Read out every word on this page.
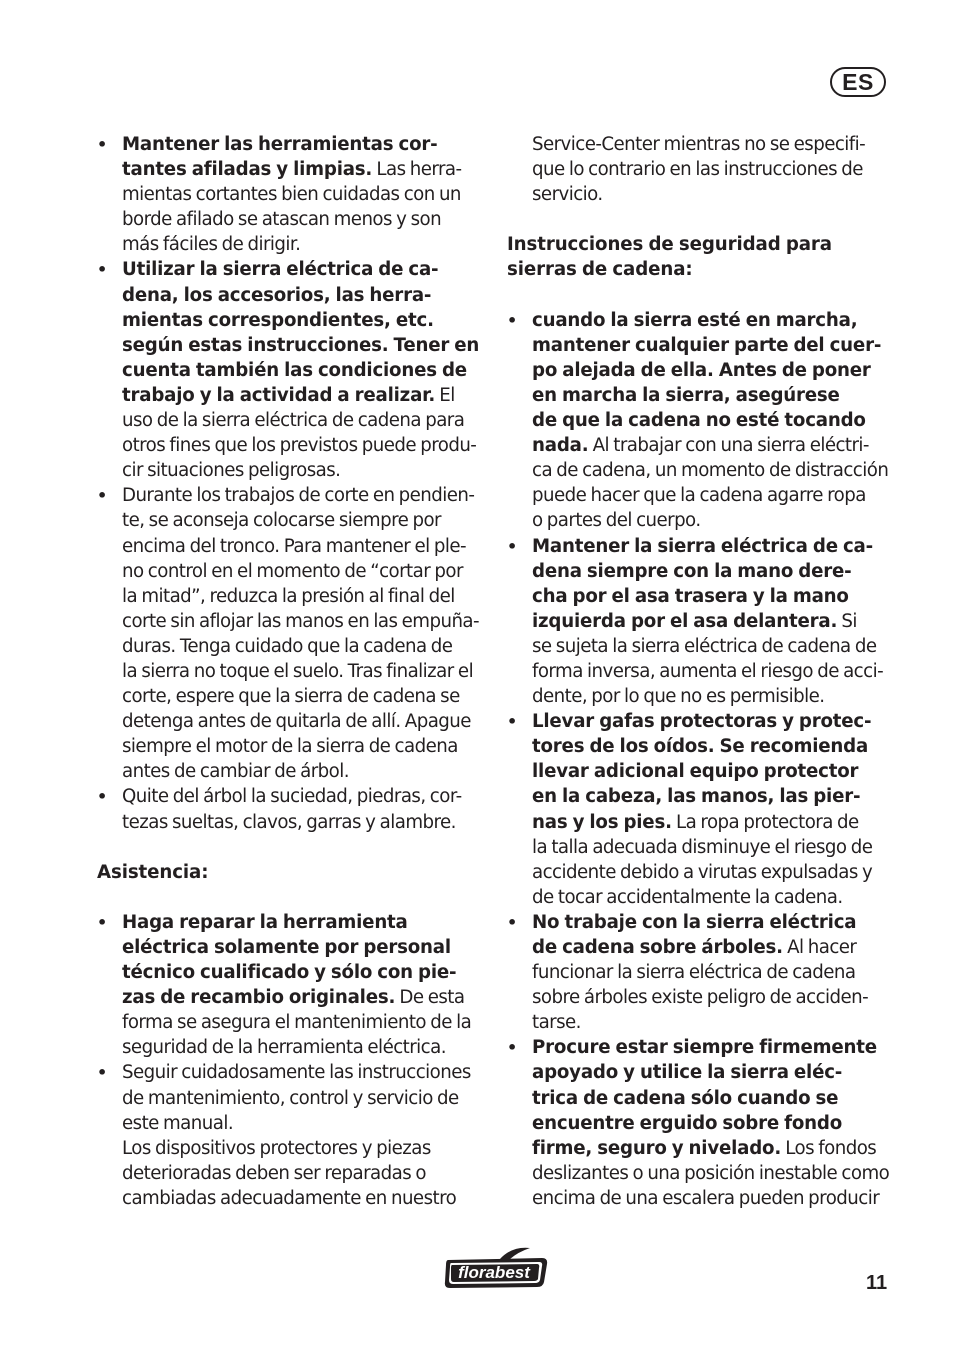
ES
• Mantener las herramientas cor-
tantes afiladas y limpias. Las herra-
mientas cortantes bien cuidadas con un
borde afilado se atascan menos y son
más fáciles de dirigir.
• Utilizar la sierra eléctrica de ca-
dena, los accesorios, las herra-
mientas correspondientes, etc.
según estas instrucciones. Tener en
cuenta también las condiciones de
trabajo y la actividad a realizar. El
uso de la sierra eléctrica de cadena para
otros fines que los previstos puede produ-
cir situaciones peligrosas.
• Durante los trabajos de corte en pendien-
te, se aconseja colocarse siempre por
encima del tronco. Para mantener el ple-
no control en el momento de “cortar por
la mitad”, reduzca la presión al final del
corte sin aflojar las manos en las empuña-
duras. Tenga cuidado que la cadena de
la sierra no toque el suelo. Tras finalizar el
corte, espere que la sierra de cadena se
detenga antes de quitarla de allí. Apague
siempre el motor de la sierra de cadena
antes de cambiar de árbol.
• Quite del árbol la suciedad, piedras, cor-
tezas sueltas, clavos, garras y alambre.
Asistencia:
• Haga reparar la herramienta
eléctrica solamente por personal
técnico cualificado y sólo con pie-
zas de recambio originales. De esta
forma se asegura el mantenimiento de la
seguridad de la herramienta eléctrica.
• Seguir cuidadosamente las instrucciones
de mantenimiento, control y servicio de
este manual.
Los dispositivos protectores y piezas
deterioradas deben ser reparadas o
cambiadas adecuadamente en nuestro
Service-Center mientras no se especifi-
que lo contrario en las instrucciones de
servicio.
Instrucciones de seguridad para
sierras de cadena:
• cuando la sierra esté en marcha,
mantener cualquier parte del cuer-
po alejada de ella. Antes de poner
en marcha la sierra, asegúrese
de que la cadena no esté tocando
nada. Al trabajar con una sierra eléctri-
ca de cadena, un momento de distracción
puede hacer que la cadena agarre ropa
o partes del cuerpo.
• Mantener la sierra eléctrica de ca-
dena siempre con la mano dere-
cha por el asa trasera y la mano
izquierda por el asa delantera. Si
se sujeta la sierra eléctrica de cadena de
forma inversa, aumenta el riesgo de acci-
dente, por lo que no es permisible.
• Llevar gafas protectoras y protec-
tores de los oídos. Se recomienda
llevar adicional equipo protector
en la cabeza, las manos, las pier-
nas y los pies. La ropa protectora de
la talla adecuada disminuye el riesgo de
accidente debido a virutas expulsadas y
de tocar accidentalmente la cadena.
• No trabaje con la sierra eléctrica
de cadena sobre árboles. Al hacer
funcionar la sierra eléctrica de cadena
sobre árboles existe peligro de acciden-
tarse.
• Procure estar siempre firmemente
apoyado y utilice la sierra eléc-
trica de cadena sólo cuando se
encuentre erguido sobre fondo
firme, seguro y nivelado. Los fondos
deslizantes o una posición inestable como
encima de una escalera pueden producir
florabest	11
